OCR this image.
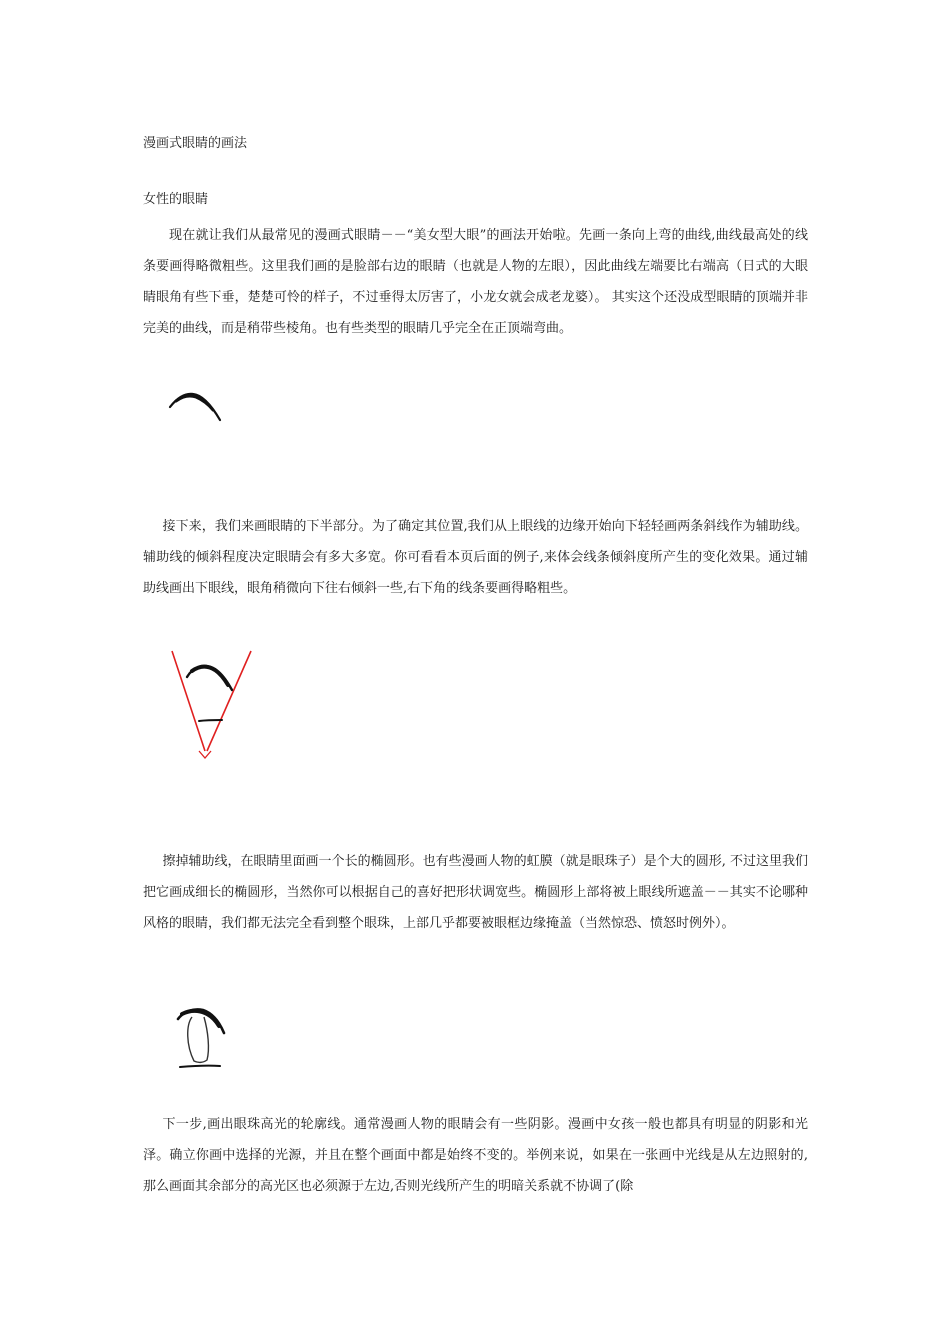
漫画式眼睛的画法
女性的眼睛

现在就让我们从最常见的漫画式眼睛－－“美女型大眼”的画法开始啦。先画一条向上弯的曲线,曲线最高处的线条要画得略微粗些。这里我们画的是脸部右边的眼睛（也就是人物的左眼），因此曲线左端要比右端高（日式的大眼睛眼角有些下垂，楚楚可怜的样子，不过垂得太厉害了，小龙女就会成老龙婆）。 其实这个还没成型眼睛的顶端并非完美的曲线，而是稍带些棱角。也有些类型的眼睛几乎完全在正顶端弯曲。

接下来，我们来画眼睛的下半部分。为了确定其位置,我们从上眼线的边缘开始向下轻轻画两条斜线作为辅助线。辅助线的倾斜程度决定眼睛会有多大多宽。你可看看本页后面的例子,来体会线条倾斜度所产生的变化效果。通过辅助线画出下眼线，眼角稍微向下往右倾斜一些,右下角的线条要画得略粗些。

擦掉辅助线，在眼睛里面画一个长的椭圆形。也有些漫画人物的虹膜（就是眼珠子）是个大的圆形, 不过这里我们把它画成细长的椭圆形，当然你可以根据自己的喜好把形状调宽些。椭圆形上部将被上眼线所遮盖－－其实不论哪种风格的眼睛，我们都无法完全看到整个眼珠，上部几乎都要被眼框边缘掩盖（当然惊恐、愤怒时例外）。

下一步,画出眼珠高光的轮廓线。通常漫画人物的眼睛会有一些阴影。漫画中女孩一般也都具有明显的阴影和光泽。确立你画中选择的光源，并且在整个画面中都是始终不变的。举例来说，如果在一张画中光线是从左边照射的,那么画面其余部分的高光区也必须源于左边,否则光线所产生的明暗关系就不协调了(除
